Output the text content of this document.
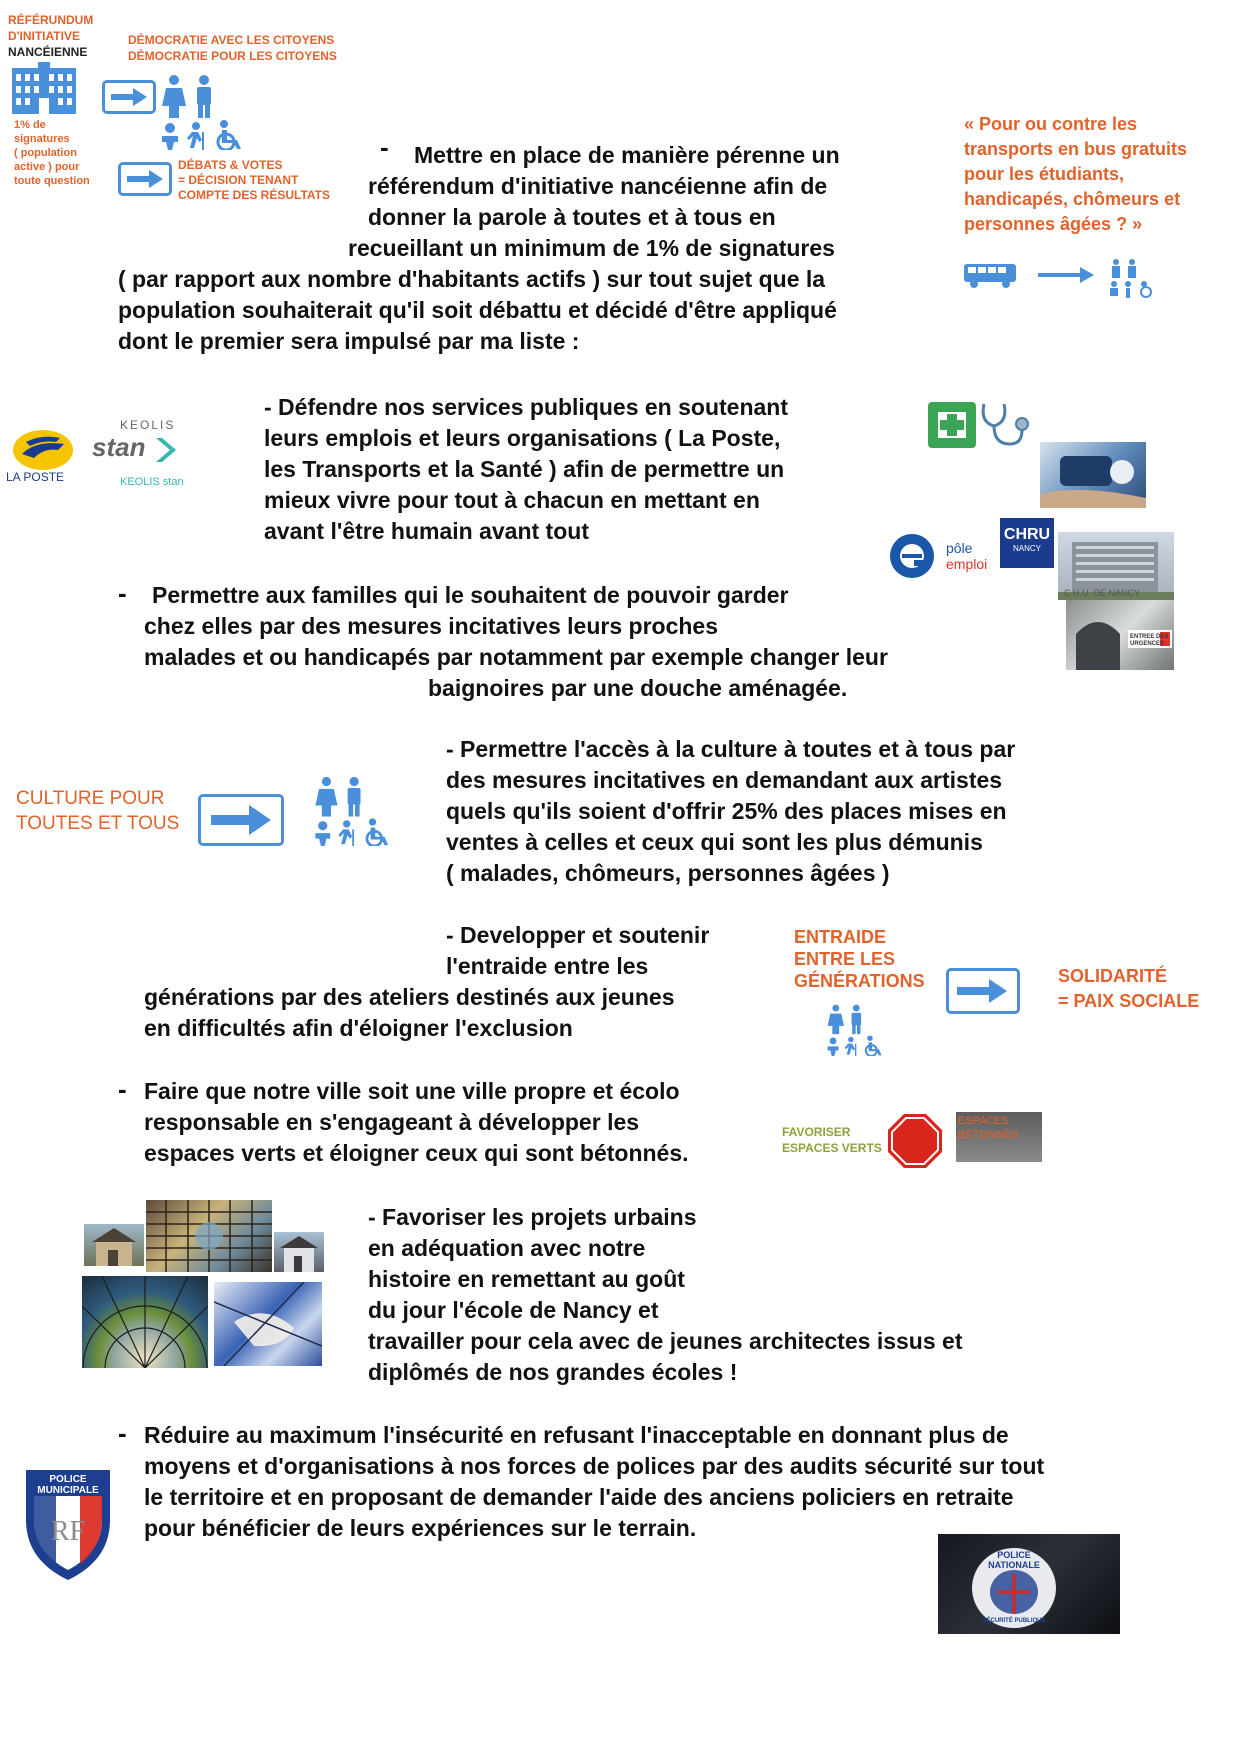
RÉFÉRUNDUM
D'INITIATIVE
NANCÉIENNE
DÉMOCRATIE AVEC LES CITOYENS
DÉMOCRATIE POUR LES CITOYENS
1% de
signatures
( population
active ) pour
toute question
DÉBATS & VOTES
= DÉCISION TENANT
COMPTE DES RÉSULTATS
« Pour ou contre les
transports en bus gratuits
pour les étudiants,
handicapés, chômeurs et
personnes âgées ? »
-	Mettre en place de manière pérenne un

référendum d'initiative nancéienne afin de

donner la parole à toutes et à tous en

recueillant un minimum de 1% de signatures

( par rapport aux nombre d'habitants actifs ) sur tout sujet que la

population souhaiterait qu'il soit débattu et décidé d'être appliqué

dont le premier sera impulsé par ma liste :

LA POSTE
KEOLIS
stan
KEOLIS stan

- Défendre nos services publiques en soutenant

leurs emplois et leurs organisations ( La Poste,

les Transports et la Santé ) afin de permettre un

mieux vivre pour tout à chacun en mettant en

avant l'être humain avant tout

pôle
emploi
CHRU
NANCY
C.H.U. DE NANCY
ENTREE DES URGENCES
-	Permettre aux familles qui le souhaitent de pouvoir garder

chez elles par des mesures incitatives leurs proches

malades et ou handicapés par notamment par exemple changer leur

baignoires par une douche aménagée.

CULTURE POUR
TOUTES ET TOUS

- Permettre l'accès à la culture à toutes et à tous par

des mesures incitatives en demandant aux artistes

quels qu'ils soient d'offrir 25% des places mises en

ventes à celles et ceux qui sont les plus démunis

( malades, chômeurs, personnes âgées )

- Developper et soutenir

l'entraide entre les

générations par des ateliers destinés aux jeunes

en difficultés afin d'éloigner l'exclusion

ENTRAIDE
ENTRE LES
GÉNÉRATIONS	SOLIDARITÉ
= PAIX SOCIALE
- Faire que notre ville soit une ville propre et écolo

responsable en s'engageant à développer les

espaces verts et éloigner ceux qui sont bétonnés.

FAVORISER
ESPACES VERTS
ESPACES
BÉTONNÉS

- Favoriser les projets urbains

en adéquation avec notre

histoire en remettant au goût

du jour l'école de Nancy et

travailler pour cela avec de jeunes architectes issus et

diplômés de nos grandes écoles !

- Réduire au maximum l'insécurité en refusant l'inacceptable en donnant plus de

moyens et d'organisations à nos forces de polices par des audits sécurité sur tout

le territoire et en proposant de demander l'aide des anciens policiers en retraite

pour bénéficier de leurs expériences sur le terrain.

POLICE
MUNICIPALE
RF
POLICE
NATIONALE
SÉCURITÉ PUBLIQUE
